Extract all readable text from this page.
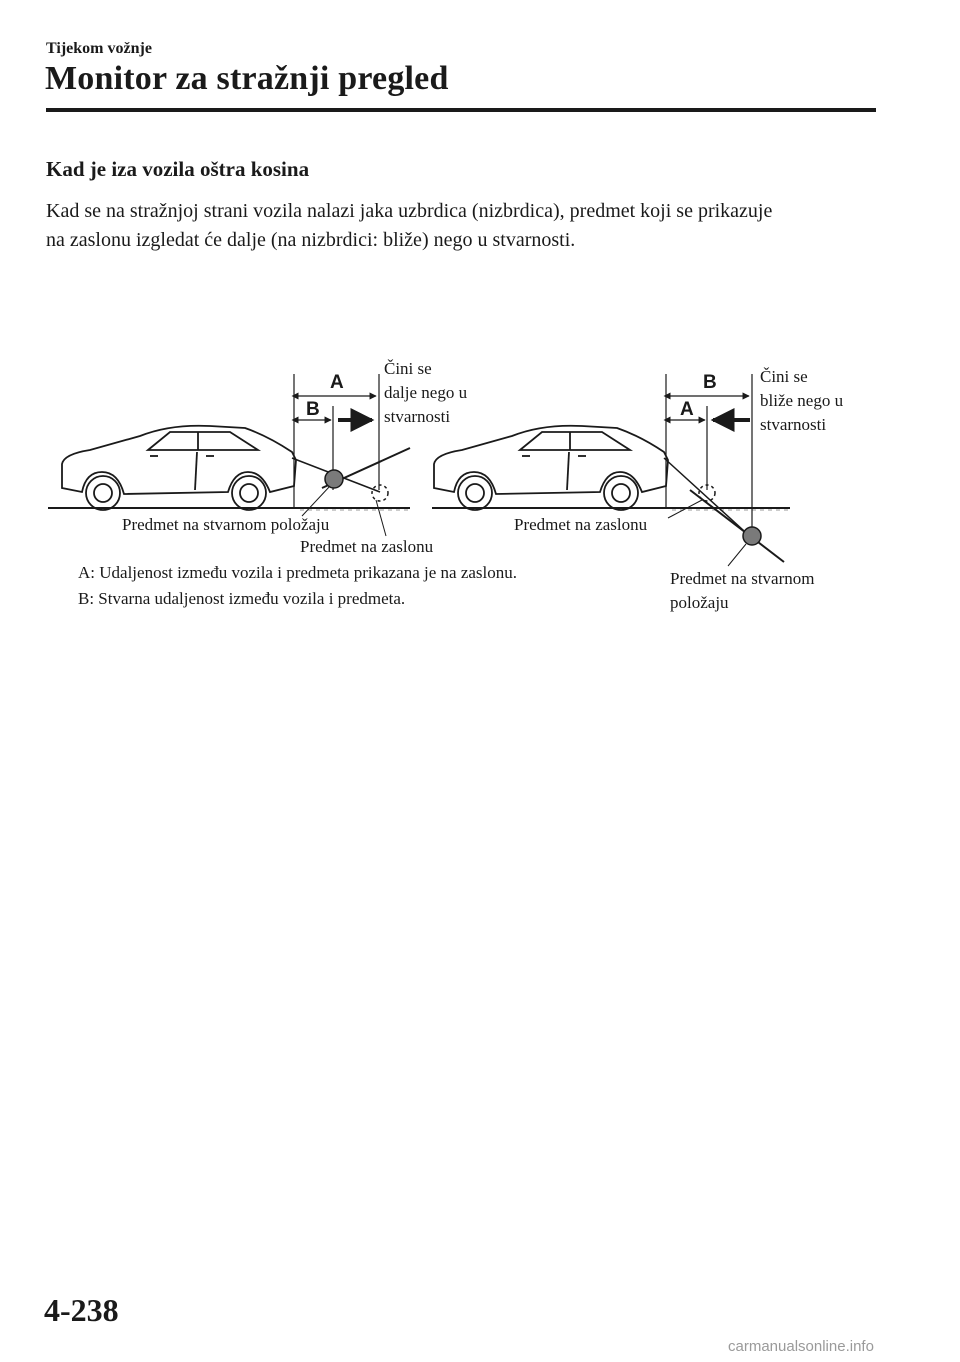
Tijekom vožnje
Monitor za stražnji pregled
Kad je iza vozila oštra kosina
Kad se na stražnjoj strani vozila nalazi jaka uzbrdica (nizbrdica), predmet koji se prikazuje
na zaslonu izgledat će dalje (na nizbrdici: bliže) nego u stvarnosti.
A
B
Čini se
dalje nego u
stvarnosti
Predmet na stvarnom položaju
Predmet na zaslonu
B
A
Čini se
bliže nego u
stvarnosti
Predmet na zaslonu
Predmet na stvarnom
položaju
A: Udaljenost između vozila i predmeta prikazana je na zaslonu.
B: Stvarna udaljenost između vozila i predmeta.
4-238
carmanualsonline.info
